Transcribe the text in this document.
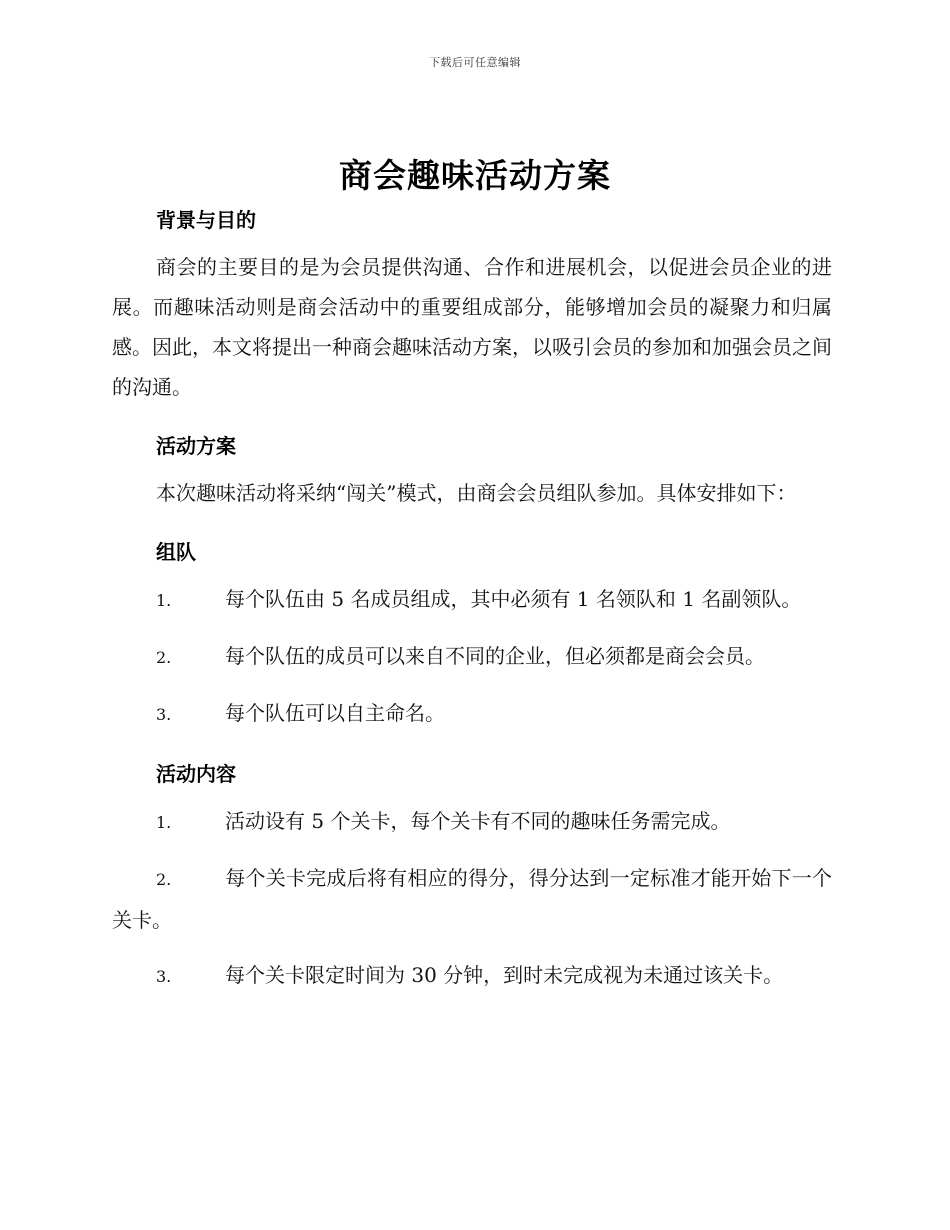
下载后可任意编辑
商会趣味活动方案
背景与目的

商会的主要目的是为会员提供沟通、合作和进展机会，以促进会员企业的进展。而趣味活动则是商会活动中的重要组成部分，能够增加会员的凝聚力和归属感。因此，本文将提出一种商会趣味活动方案，以吸引会员的参加和加强会员之间的沟通。

活动方案

本次趣味活动将采纳“闯关”模式，由商会会员组队参加。具体安排如下：

组队

1.	每个队伍由 5 名成员组成，其中必须有 1 名领队和 1 名副领队。

2.	每个队伍的成员可以来自不同的企业，但必须都是商会会员。

3.	每个队伍可以自主命名。

活动内容

1.	活动设有 5 个关卡，每个关卡有不同的趣味任务需完成。

2.	每个关卡完成后将有相应的得分，得分达到一定标准才能开始下一个关卡。

3.	每个关卡限定时间为 30 分钟，到时未完成视为未通过该关卡。
